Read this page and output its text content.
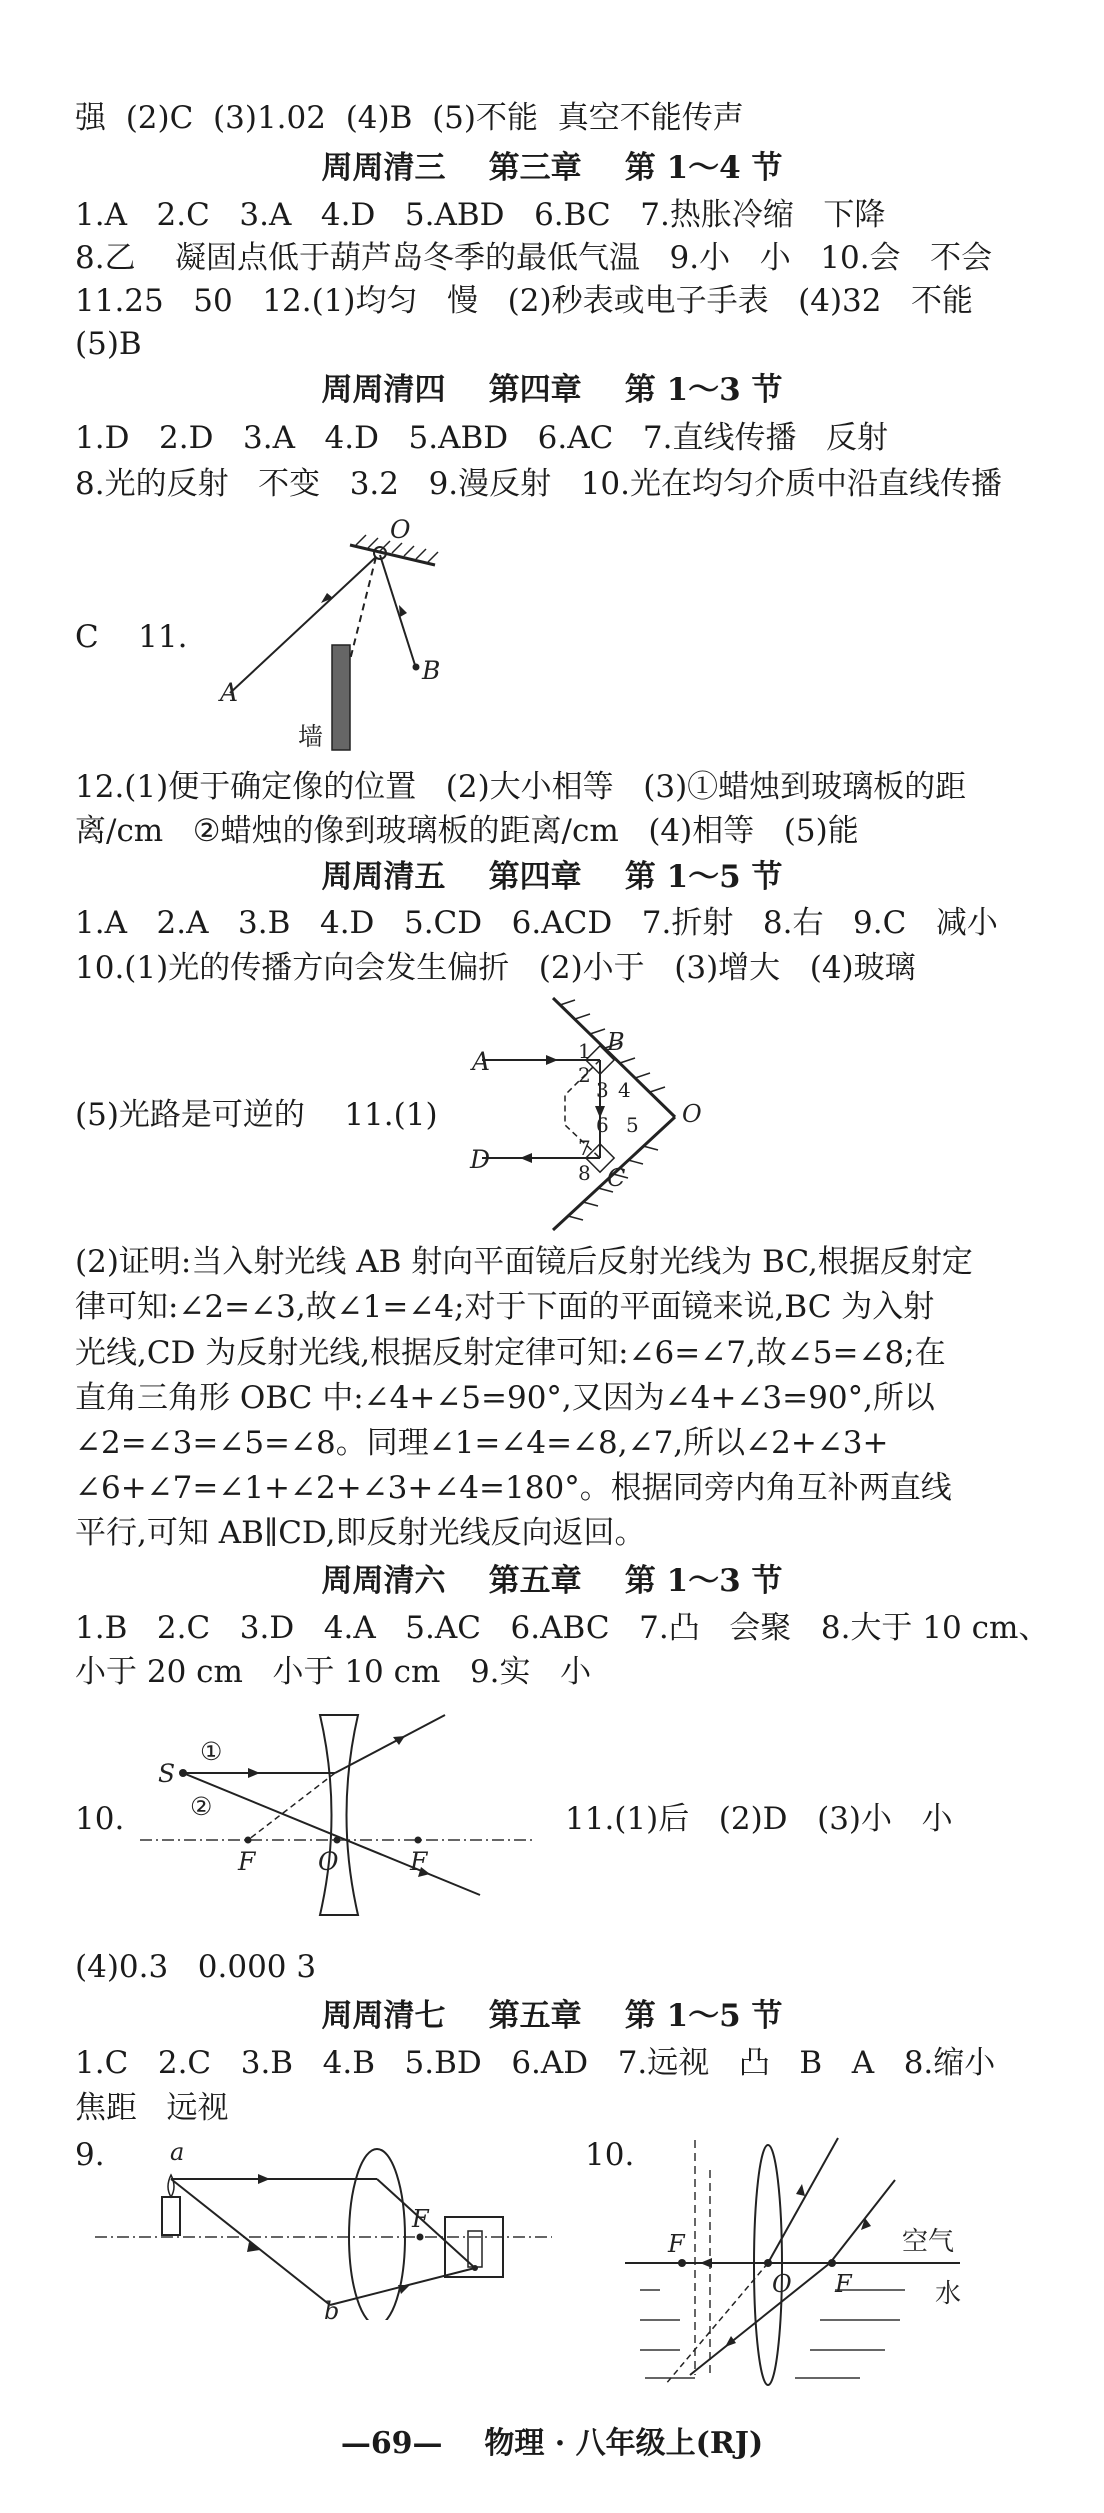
强  (2)C  (3)1.02  (4)B  (5)不能  真空不能传声
周周清三    第三章    第 1～4 节
1.A   2.C   3.A   4.D   5.ABD   6.BC   7.热胀冷缩   下降
8.乙    凝固点低于葫芦岛冬季的最低气温   9.小   小   10.会   不会
11.25   50   12.(1)均匀   慢   (2)秒表或电子手表   (4)32   不能
(5)B
周周清四    第四章    第 1～3 节
1.D   2.D   3.A   4.D   5.ABD   6.AC   7.直线传播   反射
8.光的反射   不变   3.2   9.漫反射   10.光在均匀介质中沿直线传播
C    11.
O
A
B
墙
12.(1)便于确定像的位置   (2)大小相等   (3)①蜡烛到玻璃板的距
离/cm   ②蜡烛的像到玻璃板的距离/cm   (4)相等   (5)能
周周清五    第四章    第 1～5 节
1.A   2.A   3.B   4.D   5.CD   6.ACD   7.折射   8.右   9.C   减小
10.(1)光的传播方向会发生偏折   (2)小于   (3)增大   (4)玻璃
(5)光路是可逆的    11.(1)
A
B
O
D
C
1
2
3 4
5
6
7
8
(2)证明:当入射光线 AB 射向平面镜后反射光线为 BC,根据反射定
律可知:∠2=∠3,故∠1=∠4;对于下面的平面镜来说,BC 为入射
光线,CD 为反射光线,根据反射定律可知:∠6=∠7,故∠5=∠8;在
直角三角形 OBC 中:∠4+∠5=90°,又因为∠4+∠3=90°,所以
∠2=∠3=∠5=∠8。同理∠1=∠4=∠8,∠7,所以∠2+∠3+
∠6+∠7=∠1+∠2+∠3+∠4=180°。根据同旁内角互补两直线
平行,可知 AB∥CD,即反射光线反向返回。
周周清六    第五章    第 1～3 节
1.B   2.C   3.D   4.A   5.AC   6.ABC   7.凸   会聚   8.大于 10 cm、
小于 20 cm   小于 10 cm   9.实   小
10.	11.(1)后   (2)D   (3)小   小
S
①
②
F	O	F
(4)0.3   0.000 3
周周清七    第五章    第 1～5 节
1.C   2.C   3.B   4.B   5.BD   6.AD   7.远视   凸   B   A   8.缩小
焦距   远视
9.	10.
a
b
F
F
O F
空气
水
—69—    物理 · 八年级上(RJ)
